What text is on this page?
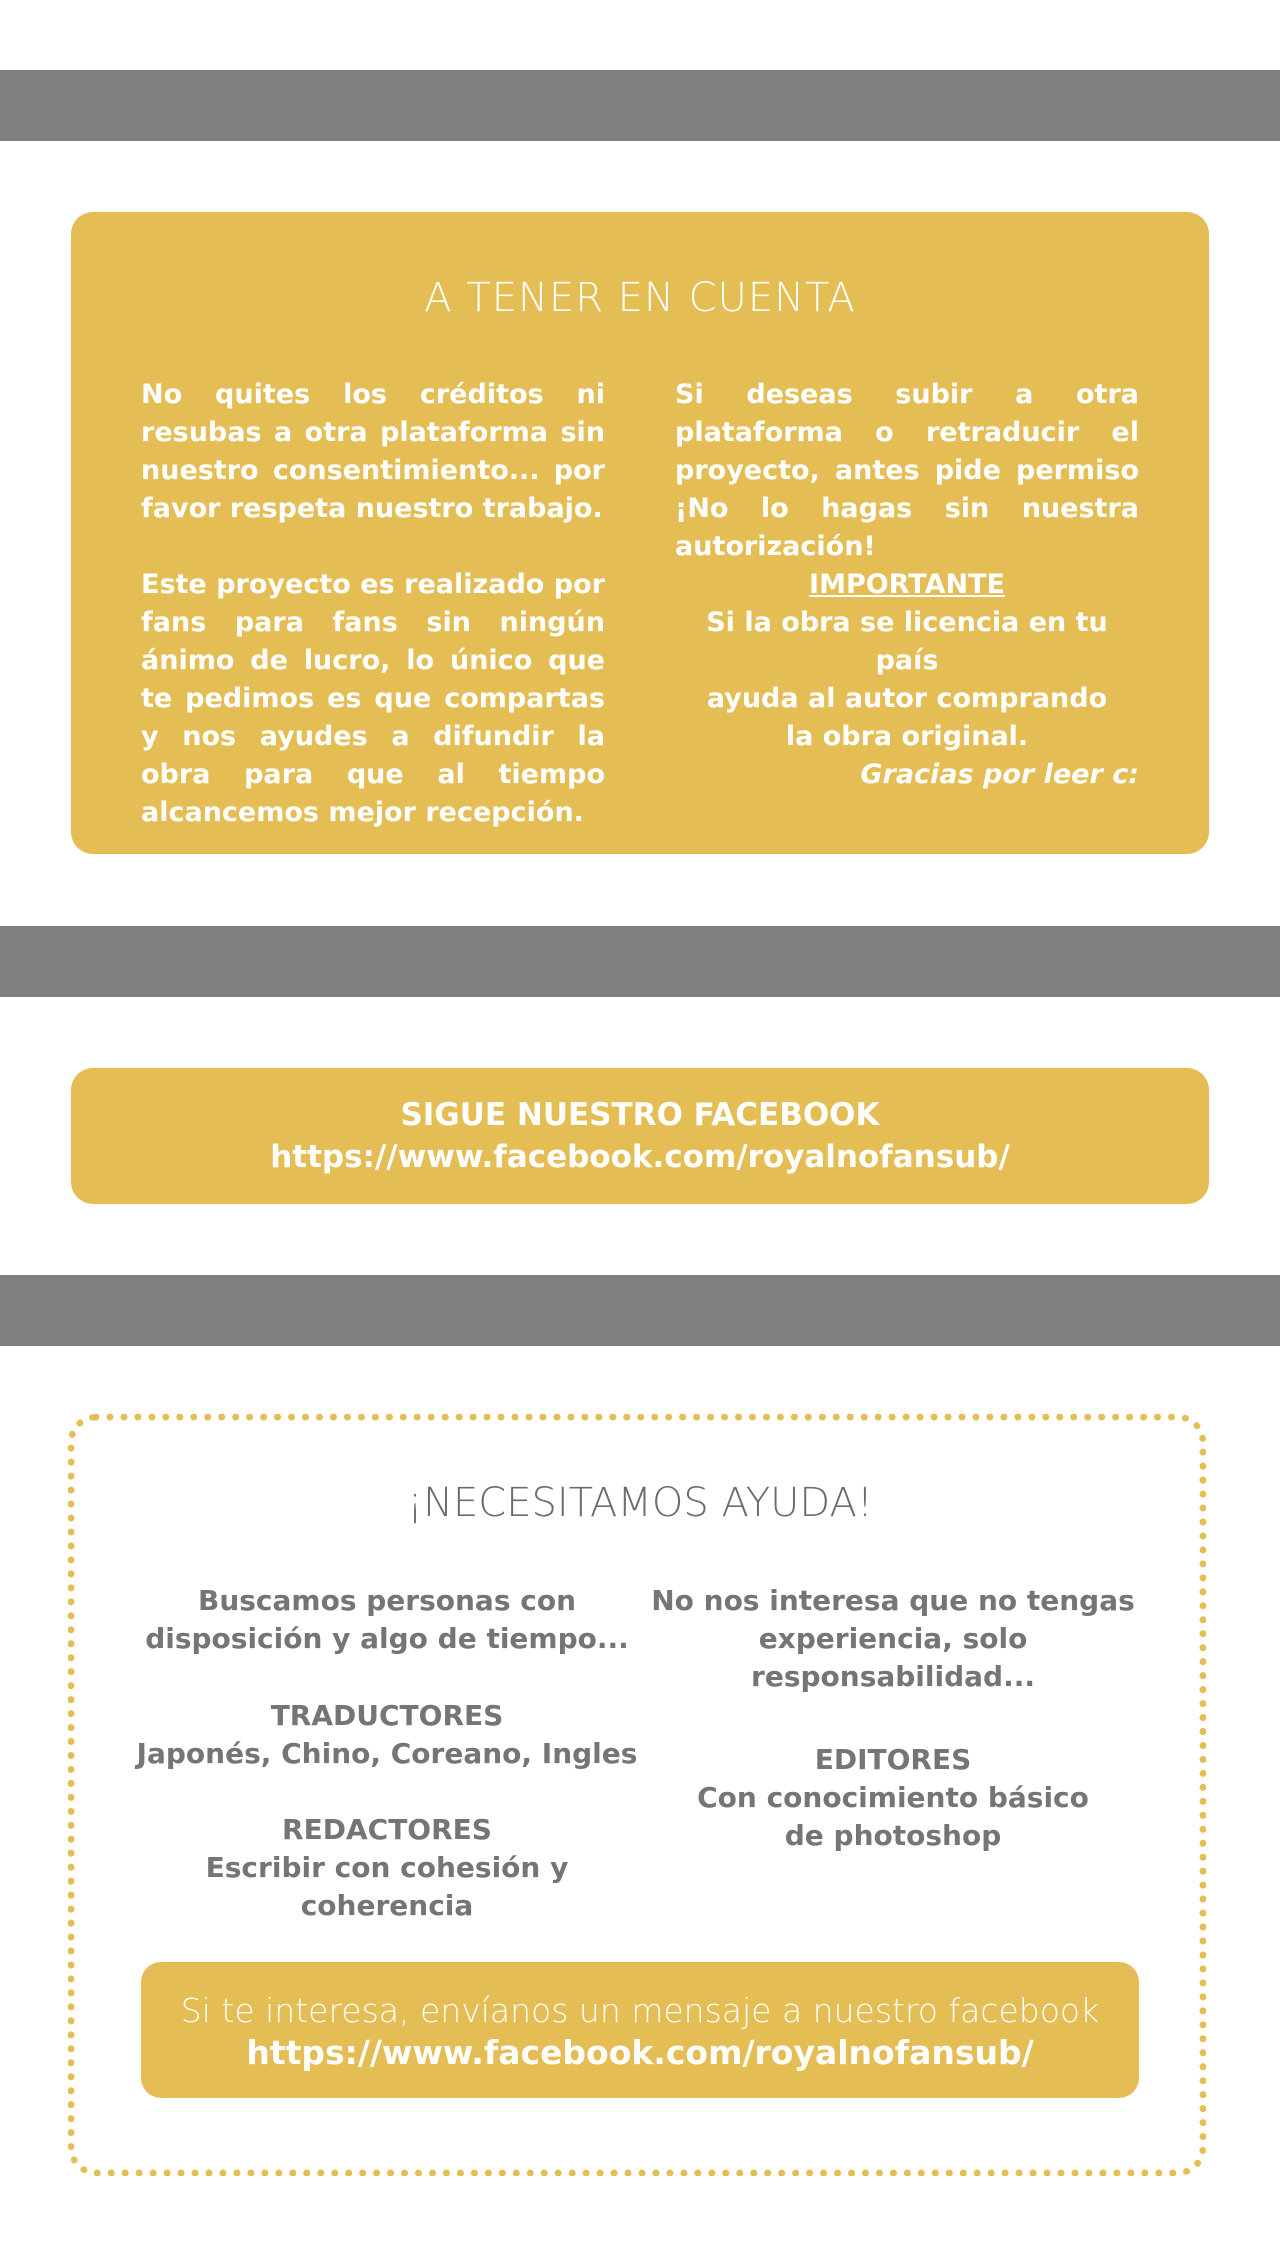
A TENER EN CUENTA
No quites los créditos ni resubas a otra plataforma sin nuestro consentimiento... por favor respeta nuestro trabajo.
Este proyecto es realizado por fans para fans sin ningún ánimo de lucro, lo único que te pedimos es que compartas y nos ayudes a difundir la obra para que al tiempo alcancemos mejor recepción.
Si deseas subir a otra plataforma o retraducir el proyecto, antes pide permiso ¡No lo hagas sin nuestra autorización!
IMPORTANTE
Si la obra se licencia en tu país
ayuda al autor comprando
la obra original.
Gracias por leer c:
SIGUE NUESTRO FACEBOOK
https://www.facebook.com/royalnofansub/
¡NECESITAMOS AYUDA!
Buscamos personas con
disposición y algo de tiempo...
No nos interesa que no tengas
experiencia, solo responsabilidad...
TRADUCTORES
Japonés, Chino, Coreano, Ingles	EDITORES
Con conocimiento básico
de photoshop
REDACTORES
Escribir con cohesión y coherencia
Si te interesa, envíanos un mensaje a nuestro facebook
https://www.facebook.com/royalnofansub/
